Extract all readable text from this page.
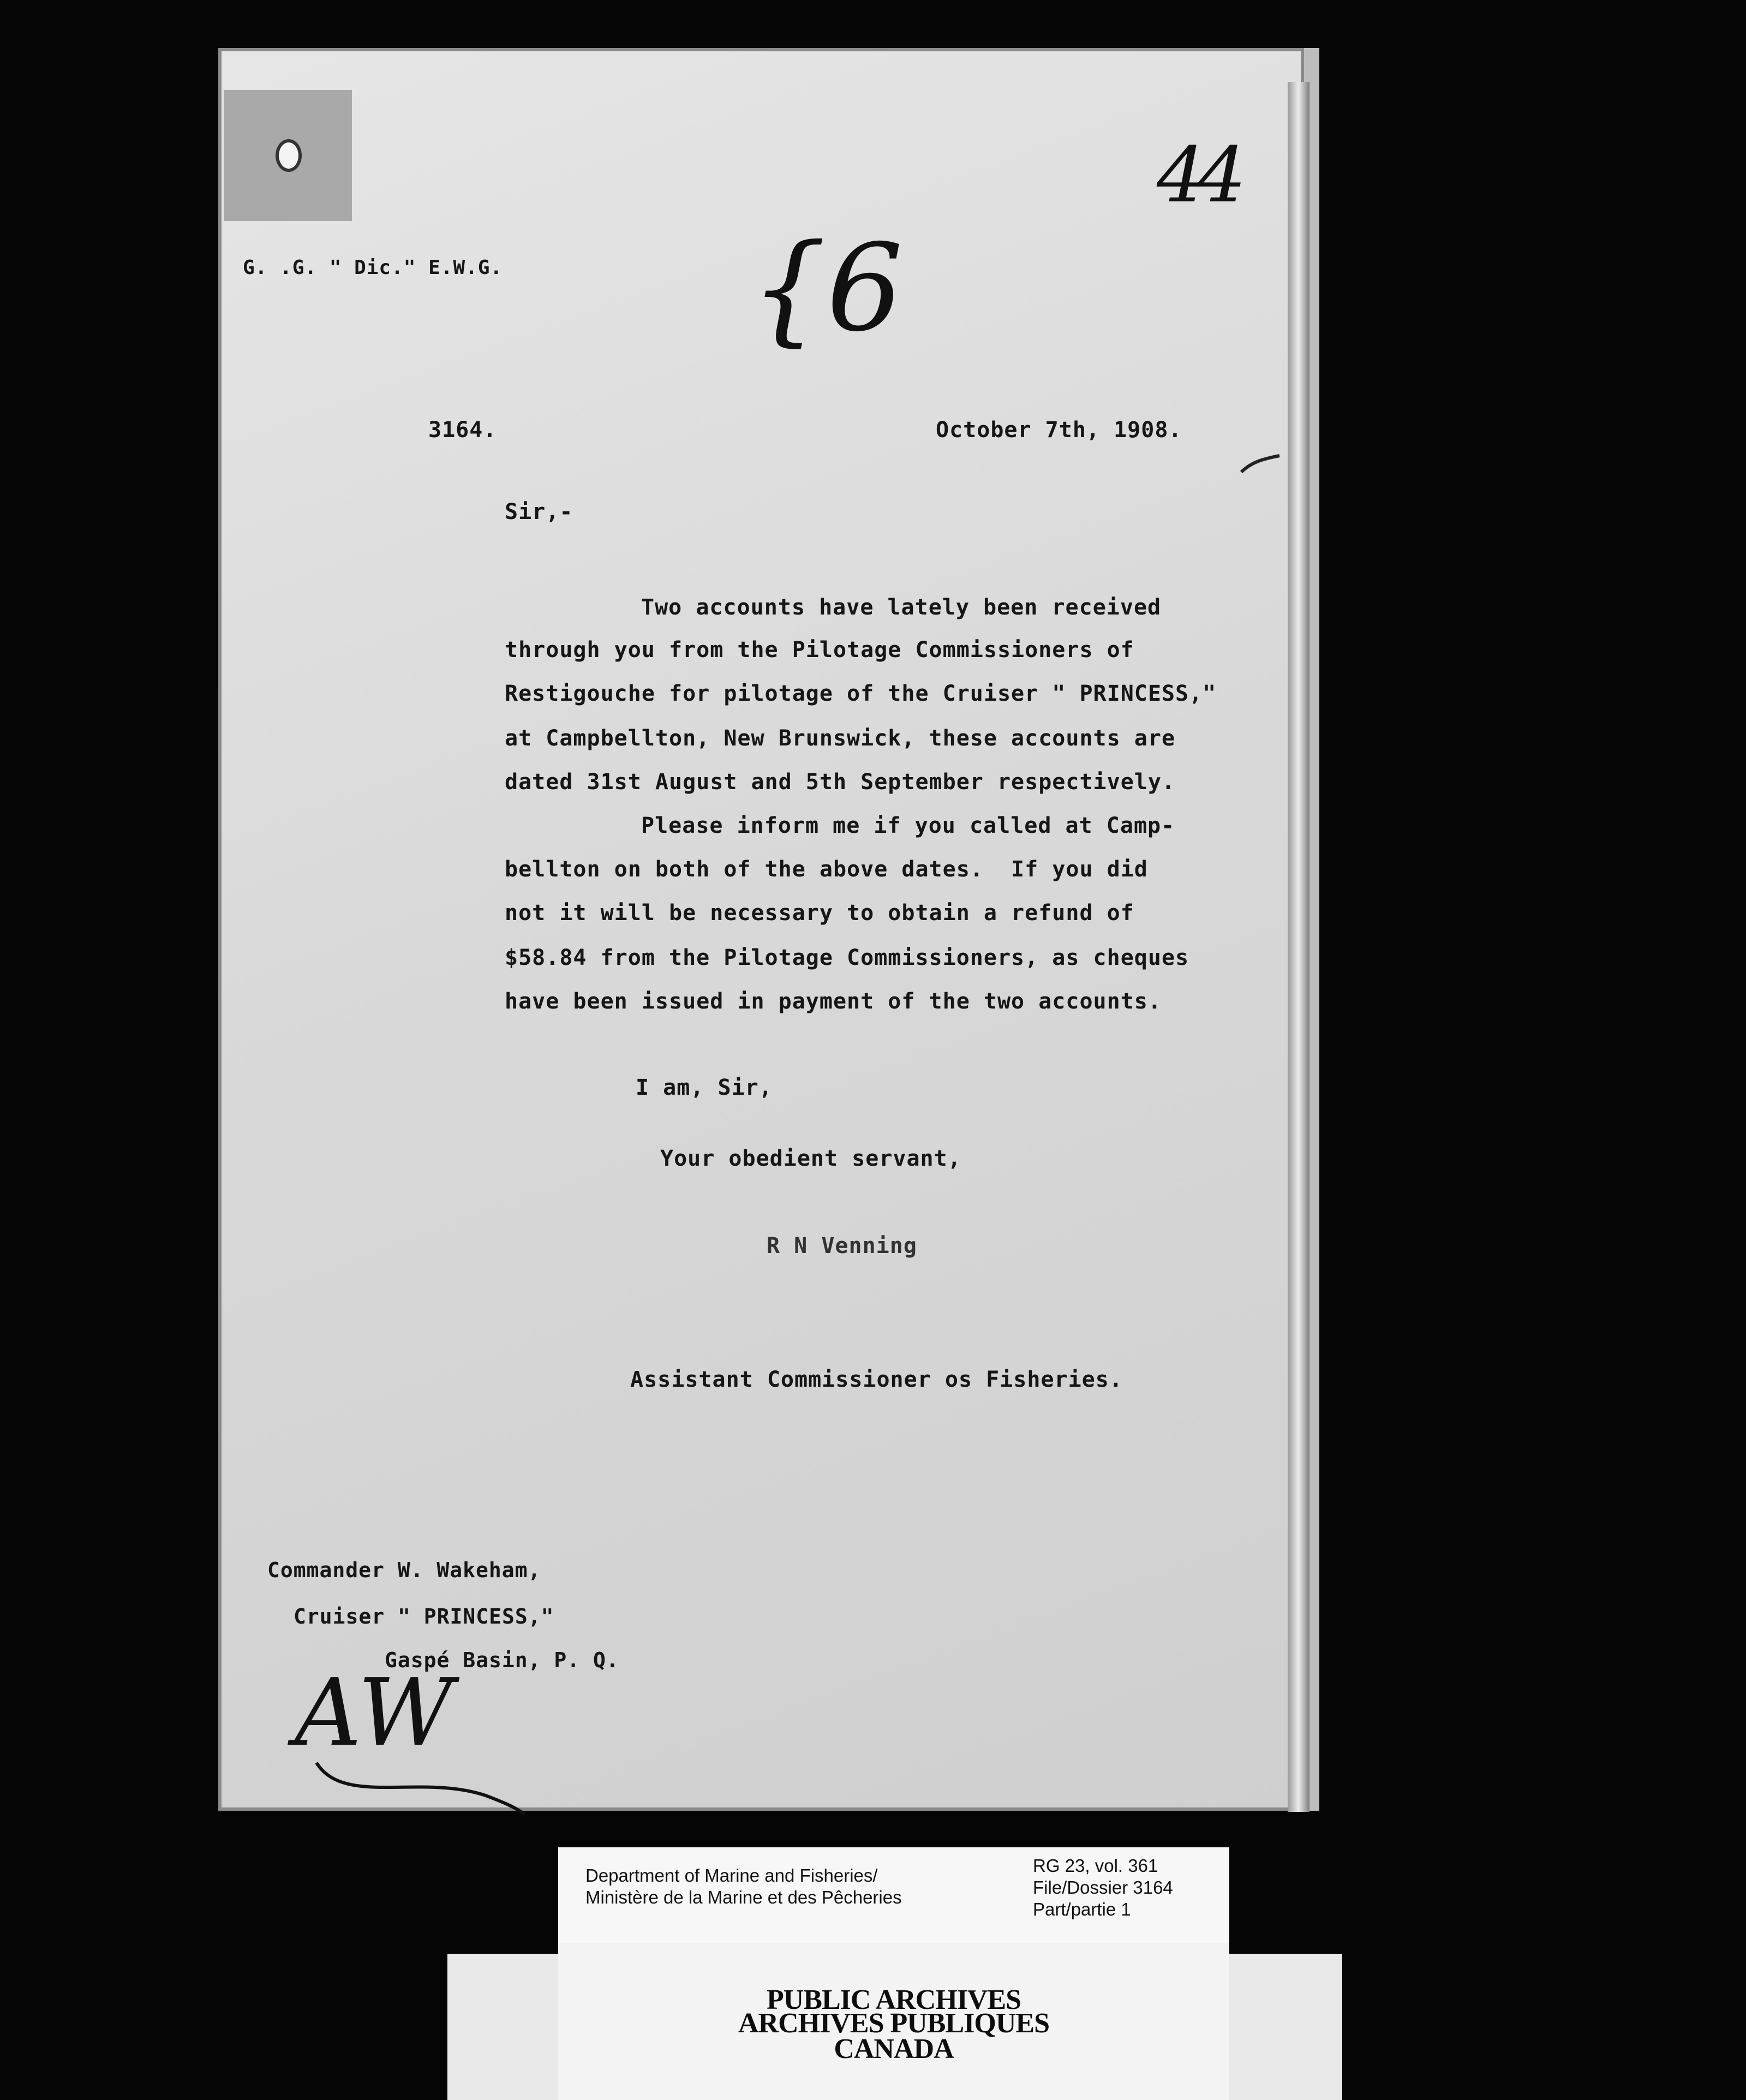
G. .G. " Dic." E.W.G.
3164.	October 7th, 1908.
44
{6
Sir,-
Two accounts have lately been received
through you from the Pilotage Commissioners of
Restigouche for pilotage of the Cruiser " PRINCESS,"
at Campbellton, New Brunswick, these accounts are
dated 31st August and 5th September respectively.
Please inform me if you called at Camp-
bellton on both of the above dates.  If you did
not it will be necessary to obtain a refund of
$58.84 from the Pilotage Commissioners, as cheques
have been issued in payment of the two accounts.
I am, Sir,
Your obedient servant,
R N Venning
Assistant Commissioner os Fisheries.
Commander W. Wakeham,
Cruiser " PRINCESS,"
Gaspé Basin, P. Q.
AW
Department of Marine and Fisheries/
Ministère de la Marine et des Pêcheries
RG 23, vol. 361
File/Dossier 3164
Part/partie 1
PUBLIC ARCHIVES
ARCHIVES PUBLIQUES
CANADA
